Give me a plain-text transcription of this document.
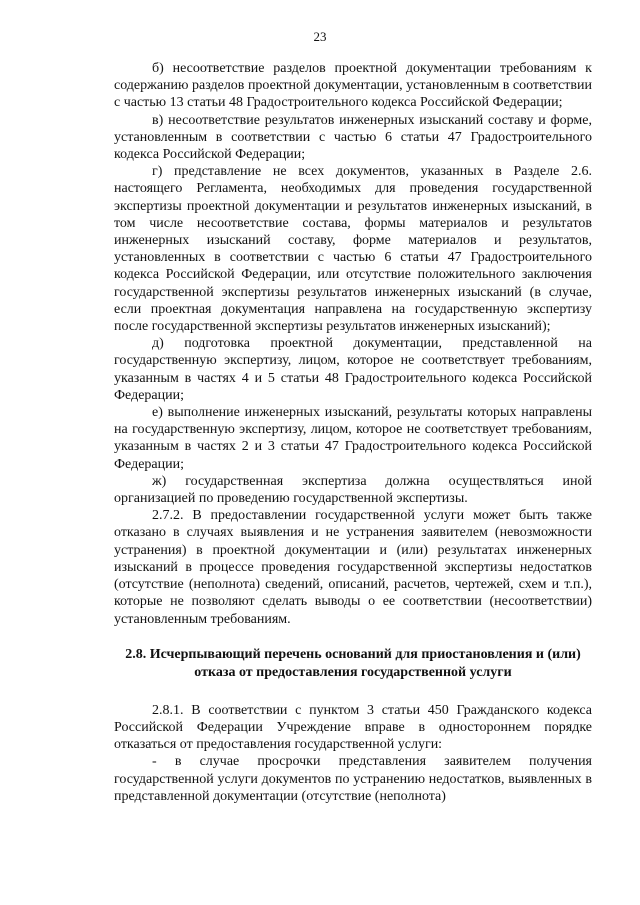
23

б) несоответствие разделов проектной документации требованиям к содержанию разделов проектной документации, установленным в соответствии с частью 13 статьи 48 Градостроительного кодекса Российской Федерации;

в) несоответствие результатов инженерных изысканий составу и форме, установленным в соответствии с частью 6 статьи 47 Градостроительного кодекса Российской Федерации;

г) представление не всех документов, указанных в Разделе 2.6. настоящего Регламента, необходимых для проведения государственной экспертизы проектной документации и результатов инженерных изысканий, в том числе несоответствие состава, формы материалов и результатов инженерных изысканий составу, форме материалов и результатов, установленных в соответствии с частью 6 статьи 47 Градостроительного кодекса Российской Федерации, или отсутствие положительного заключения государственной экспертизы результатов инженерных изысканий (в случае, если проектная документация направлена на государственную экспертизу после государственной экспертизы результатов инженерных изысканий);

д) подготовка проектной документации, представленной на государственную экспертизу, лицом, которое не соответствует требованиям, указанным в частях 4 и 5 статьи 48 Градостроительного кодекса Российской Федерации;

е) выполнение инженерных изысканий, результаты которых направлены на государственную экспертизу, лицом, которое не соответствует требованиям, указанным в частях 2 и 3 статьи 47 Градостроительного кодекса Российской Федерации;

ж) государственная экспертиза должна осуществляться иной организацией по проведению государственной экспертизы.

2.7.2. В предоставлении государственной услуги может быть также отказано в случаях выявления и не устранения заявителем (невозможности устранения) в проектной документации и (или) результатах инженерных изысканий в процессе проведения государственной экспертизы недостатков (отсутствие (неполнота) сведений, описаний, расчетов, чертежей, схем и т.п.), которые не позволяют сделать выводы о ее соответствии (несоответствии) установленным требованиям.

2.8. Исчерпывающий перечень оснований для приостановления и (или) отказа от предоставления государственной услуги

2.8.1. В соответствии с пунктом 3 статьи 450 Гражданского кодекса Российской Федерации Учреждение вправе в одностороннем порядке отказаться от предоставления государственной услуги:

- в случае просрочки представления заявителем получения государственной услуги документов по устранению недостатков, выявленных в представленной документации (отсутствие (неполнота)
